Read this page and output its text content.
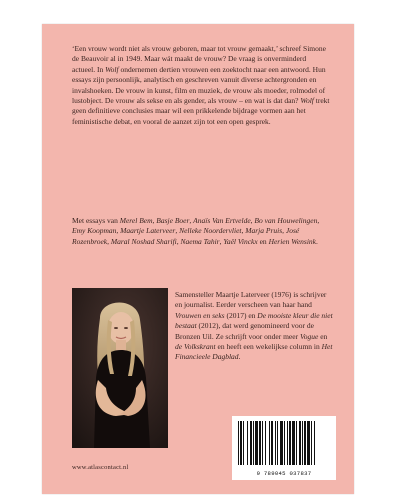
‘Een vrouw wordt niet als vrouw geboren, maar tot vrouw gemaakt,’ schreef Simone de Beauvoir al in 1949. Maar wát maakt de vrouw? De vraag is onverminderd actueel. In Wolf ondernemen dertien vrouwen een zoektocht naar een antwoord. Hun essays zijn persoonlijk, analytisch en geschreven vanuit diverse achtergronden en invalshoeken. De vrouw in kunst, film en muziek, de vrouw als moeder, rolmodel of lustobject. De vrouw als sekse en als gender, als vrouw – en wat is dat dan? Wolf trekt geen definitieve conclusies maar wil een prikkelende bijdrage vormen aan het feministische debat, en vooral de aanzet zijn tot een open gesprek.

Met essays van Merel Bem, Basje Boer, Anaïs Van Ertvelde, Bo van Houwelingen, Emy Koopman, Maartje Laterveer, Nelleke Noordervliet, Marja Pruis, José Rozenbroek, Maral Noshad Sharifi, Naema Tahir, Yaël Vinckx en Herien Wensink.

Samensteller Maartje Laterveer (1976) is schrijver en journalist. Eerder verscheen van haar hand Vrouwen en seks (2017) en De mooiste kleur die niet bestaat (2012), dat werd genomineerd voor de Bronzen Uil. Ze schrijft voor onder meer Vogue en de Volkskrant en heeft een wekelijkse column in Het Financieele Dagblad.

www.atlascontact.nl
9 789045 037837
